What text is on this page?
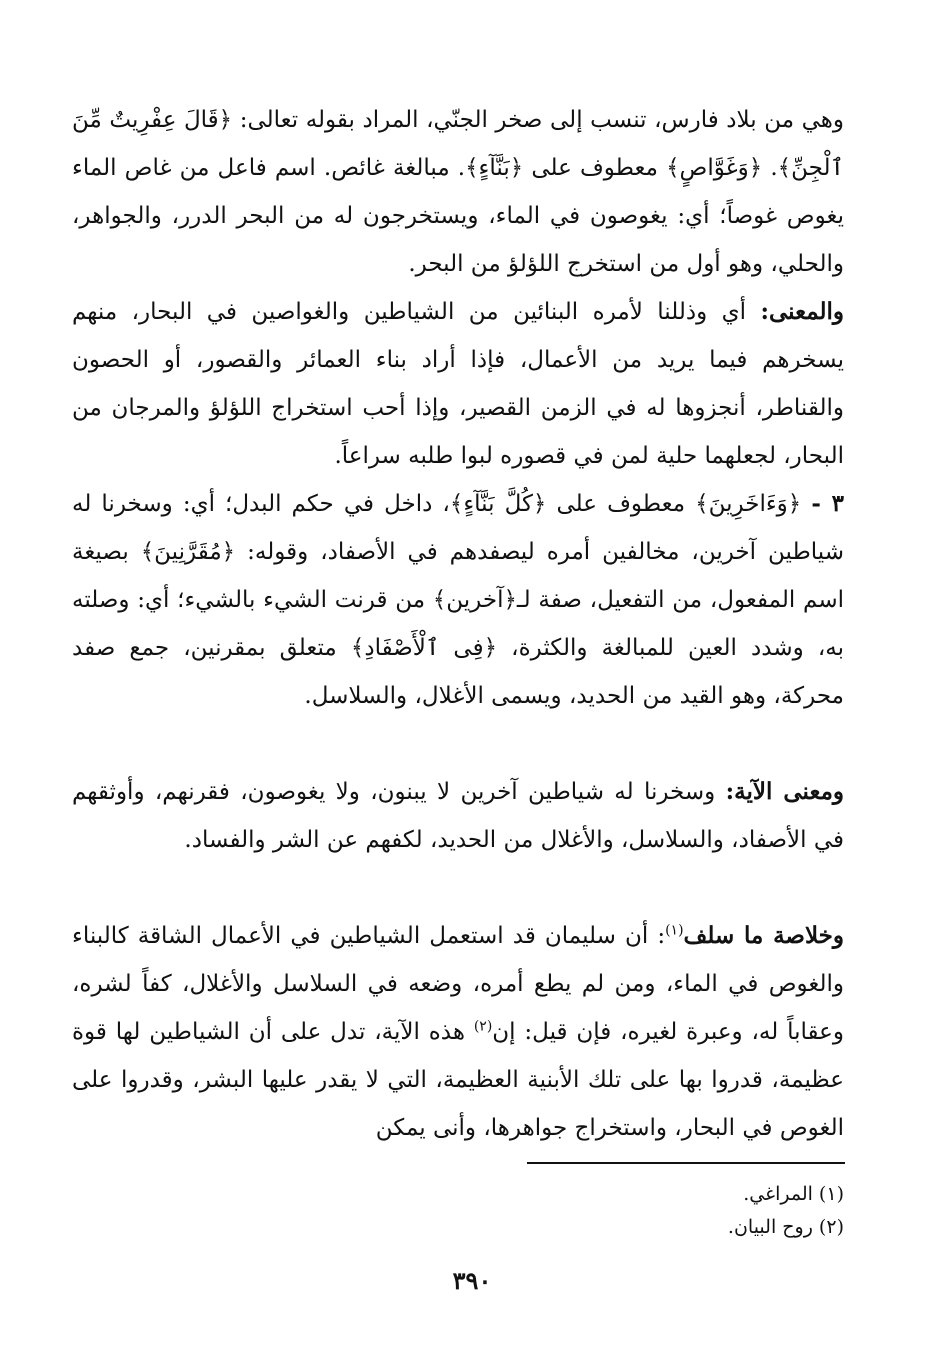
وهي من بلاد فارس، تنسب إلى صخر الجنّي، المراد بقوله تعالى: ﴿قَالَ عِفْرِيتٌ مِّنَ ٱلْجِنِّ﴾. ﴿وَغَوَّاصٍ﴾ معطوف على ﴿بَنَّآءٍ﴾. مبالغة غائص. اسم فاعل من غاص الماء يغوص غوصاً؛ أي: يغوصون في الماء، ويستخرجون له من البحر الدرر، والجواهر، والحلي، وهو أول من استخرج اللؤلؤ من البحر.

والمعنى: أي وذللنا لأمره البنائين من الشياطين والغواصين في البحار، منهم يسخرهم فيما يريد من الأعمال، فإذا أراد بناء العمائر والقصور، أو الحصون والقناطر، أنجزوها له في الزمن القصير، وإذا أحب استخراج اللؤلؤ والمرجان من البحار، لجعلهما حلية لمن في قصوره لبوا طلبه سراعاً.

٣ - ﴿وَءَاخَرِينَ﴾ معطوف على ﴿كُلَّ بَنَّآءٍ﴾، داخل في حكم البدل؛ أي: وسخرنا له شياطين آخرين، مخالفين أمره ليصفدهم في الأصفاد، وقوله: ﴿مُقَرَّنِينَ﴾ بصيغة اسم المفعول، من التفعيل، صفة لـ﴿آخرين﴾ من قرنت الشيء بالشيء؛ أي: وصلته به، وشدد العين للمبالغة والكثرة، ﴿فِى ٱلْأَصْفَادِ﴾ متعلق بمقرنين، جمع صفد محركة، وهو القيد من الحديد، ويسمى الأغلال، والسلاسل.

ومعنى الآية: وسخرنا له شياطين آخرين لا يبنون، ولا يغوصون، فقرنهم، وأوثقهم في الأصفاد، والسلاسل، والأغلال من الحديد، لكفهم عن الشر والفساد.

وخلاصة ما سلف$^{(١)}$: أن سليمان قد استعمل الشياطين في الأعمال الشاقة كالبناء والغوص في الماء، ومن لم يطع أمره، وضعه في السلاسل والأغلال، كفاً لشره، وعقاباً له، وعبرة لغيره، فإن قيل: إن$^{(٢)}$ هذه الآية، تدل على أن الشياطين لها قوة عظيمة، قدروا بها على تلك الأبنية العظيمة، التي لا يقدر عليها البشر، وقدروا على الغوص في البحار، واستخراج جواهرها، وأنى يمكن

(١) المراغي.

(٢) روح البيان.

٣٩٠
